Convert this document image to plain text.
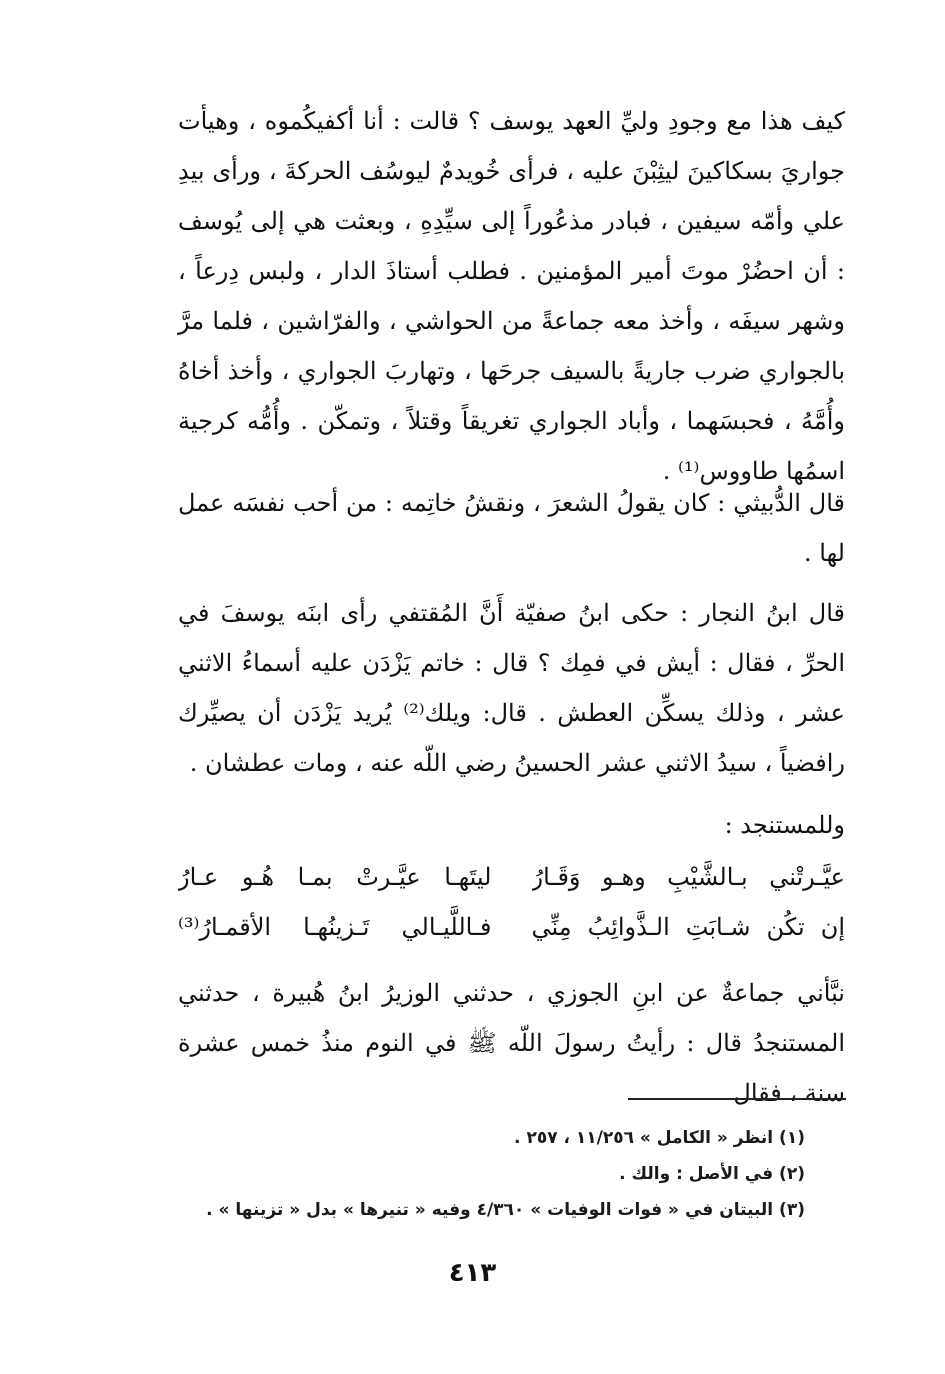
كيف هذا مع وجودِ وليِّ العهد يوسف ؟ قالت : أنا أكفيكُموه ، وهيأت جواريَ بسكاكينَ ليثِبْنَ عليه ، فرأى خُويدمٌ ليوسُف الحركةَ ، ورأى بيدِ علي وأمّه سيفين ، فبادر مذعُوراً إلى سيِّدِهِ ، وبعثت هي إلى يُوسف : أن احضُرْ موتَ أمير المؤمنين . فطلب أستاذَ الدار ، ولبس دِرعاً ، وشهر سيفَه ، وأخذ معه جماعةً من الحواشي ، والفرّاشين ، فلما مرَّ بالجواري ضرب جاريةً بالسيف جرحَها ، وتهاربَ الجواري ، وأخذ أخاهُ وأُمَّهُ ، فحبسَهما ، وأباد الجواري تغريقاً وقتلاً ، وتمكّن . وأُمُّه كرجية اسمُها طاووس⁽¹⁾ .

قال الدُّبيثي : كان يقولُ الشعرَ ، ونقشُ خاتِمه : من أحب نفسَه عمل لها .

قال ابنُ النجار : حكى ابنُ صفيّة أَنَّ المُقتفي رأى ابنَه يوسفَ في الحرِّ ، فقال : أيش في فمِك ؟ قال : خاتم يَزْدَن عليه أسماءُ الاثني عشر ، وذلك يسكِّن العطش . قال: ويلك⁽²⁾ يُريد يَزْدَن أن يصيِّرك رافضياً ، سيدُ الاثني عشر الحسينُ رضي اللّه عنه ، ومات عطشان .

وللمستنجد :

عيَّـرتْني بـالشَّيْبِ وهـو وَقَـارُ
ليتَهـا عيَّـرتْ بمـا هُـو عـارُ
إن تكُن شـابَتِ الـذَّوائِبُ مِنِّي
فـاللَّيـالي تَـزينُهـا الأقمـارُ⁽³⁾

نبَّأني جماعةٌ عن ابنِ الجوزي ، حدثني الوزيرُ ابنُ هُبيرة ، حدثني المستنجدُ قال : رأيتُ رسولَ اللّه ﷺ في النوم منذُ خمس عشرة سنة ، فقال

(١) انظر « الكامل » ١١/٢٥٦ ، ٢٥٧ .

(٢) في الأصل : والك .

(٣) البيتان في « فوات الوفيات » ٤/٣٦٠ وفيه « تنيرها » بدل « تزينها » .

٤١٣
